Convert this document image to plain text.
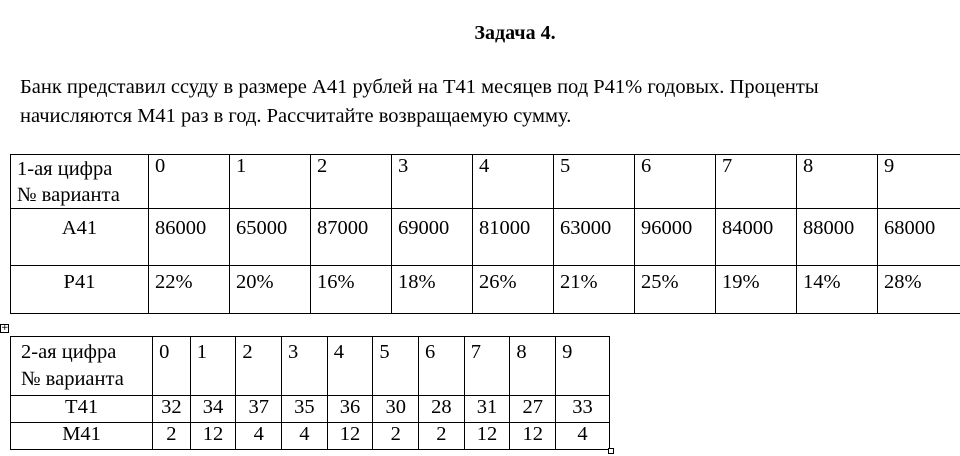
Задача 4.
Банк представил ссуду в размере А41 рублей на Т41 месяцев под Р41% годовых. Проценты
начисляются М41 раз в год. Рассчитайте возвращаемую сумму.
1-ая цифра
№ варианта	0	1	2	3	4	5	6	7	8	9
А41	86000	65000	87000	69000	81000	63000	96000	84000	88000	68000
Р41	22%	20%	16%	18%	26%	21%	25%	19%	14%	28%
+
2-ая цифра
№ варианта	0	1	2	3	4	5	6	7	8	9
Т41	32	34	37	35	36	30	28	31	27	33
М41	2	12	4	4	12	2	2	12	12	4
